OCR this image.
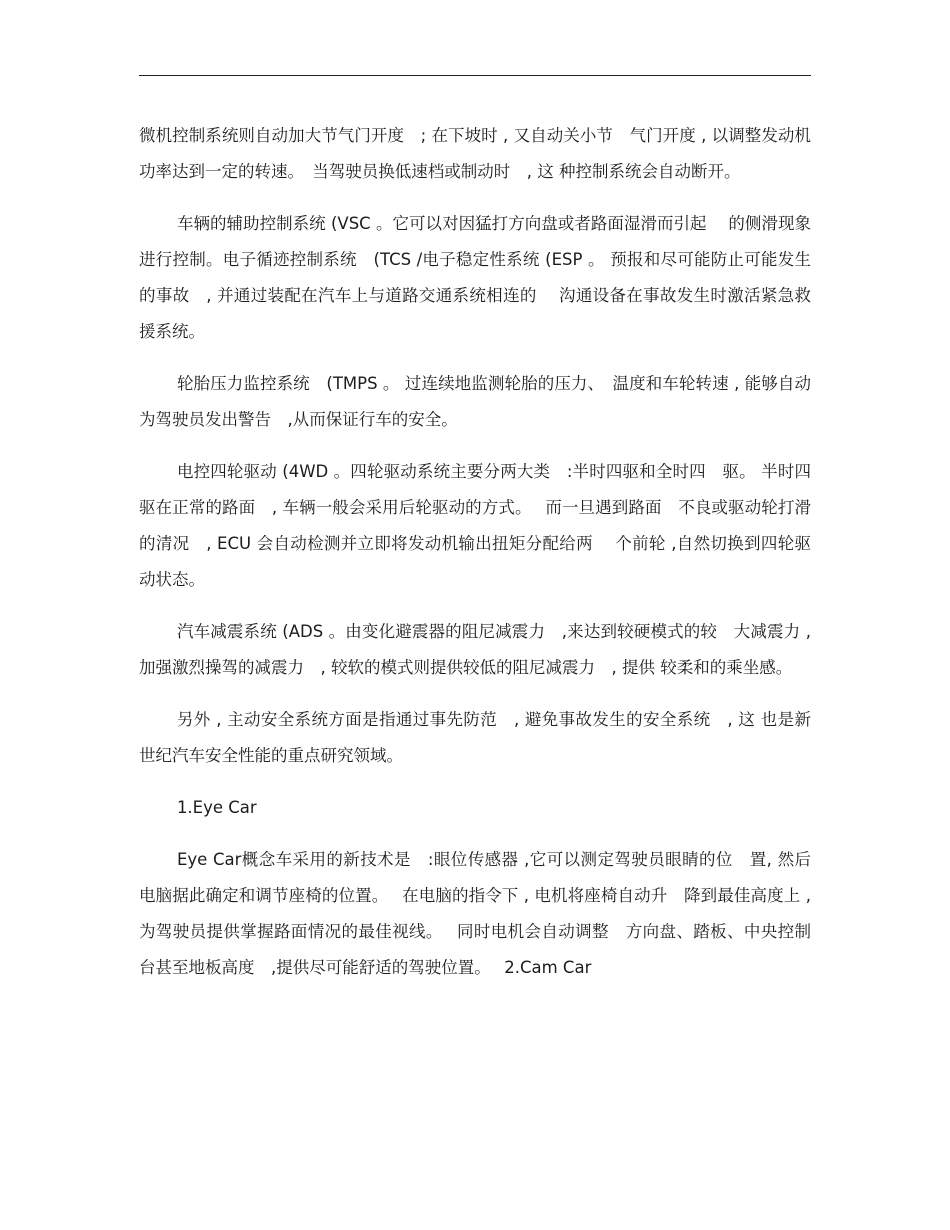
微机控制系统则自动加大节气门开度　; 在下坡时 , 又自动关小节　气门开度 , 以调整发动机功率达到一定的转速。　当驾驶员换低速档或制动时　, 这 种控制系统会自动断开。

车辆的辅助控制系统 (VSC 。它可以对因猛打方向盘或者路面湿滑而引起　 的侧滑现象进行控制。电子循迹控制系统　(TCS /电子稳定性系统 (ESP 。 预报和尽可能防止可能发生的事故　, 并通过装配在汽车上与道路交通系统相连的　 沟通设备在事故发生时激活紧急救援系统。

轮胎压力监控系统　(TMPS 。 过连续地监测轮胎的压力、　温度和车轮转速 , 能够自动为驾驶员发出警告　,从而保证行车的安全。

电控四轮驱动 (4WD 。四轮驱动系统主要分两大类　:半时四驱和全时四　驱。 半时四驱在正常的路面　, 车辆一般会采用后轮驱动的方式。　 而一旦遇到路面　不良或驱动轮打滑的清况　, ECU 会自动检测并立即将发动机输出扭矩分配给两　 个前轮 ,自然切换到四轮驱动状态。

汽车减震系统 (ADS 。由变化避震器的阻尼减震力　,来达到较硬模式的较　大减震力 , 加强激烈操驾的减震力　, 较软的模式则提供较低的阻尼减震力　, 提供 较柔和的乘坐感。

另外 , 主动安全系统方面是指通过事先防范　, 避免事故发生的安全系统　, 这 也是新世纪汽车安全性能的重点研究领域。

1.Eye Car

Eye Car概念车采用的新技术是　:眼位传感器 ,它可以测定驾驶员眼睛的位　置, 然后电脑据此确定和调节座椅的位置。　 在电脑的指令下 , 电机将座椅自动升　降到最佳高度上 , 为驾驶员提供掌握路面情况的最佳视线。　 同时电机会自动调整　方向盘、踏板、中央控制台甚至地板高度　,提供尽可能舒适的驾驶位置。　 2.Cam Car
